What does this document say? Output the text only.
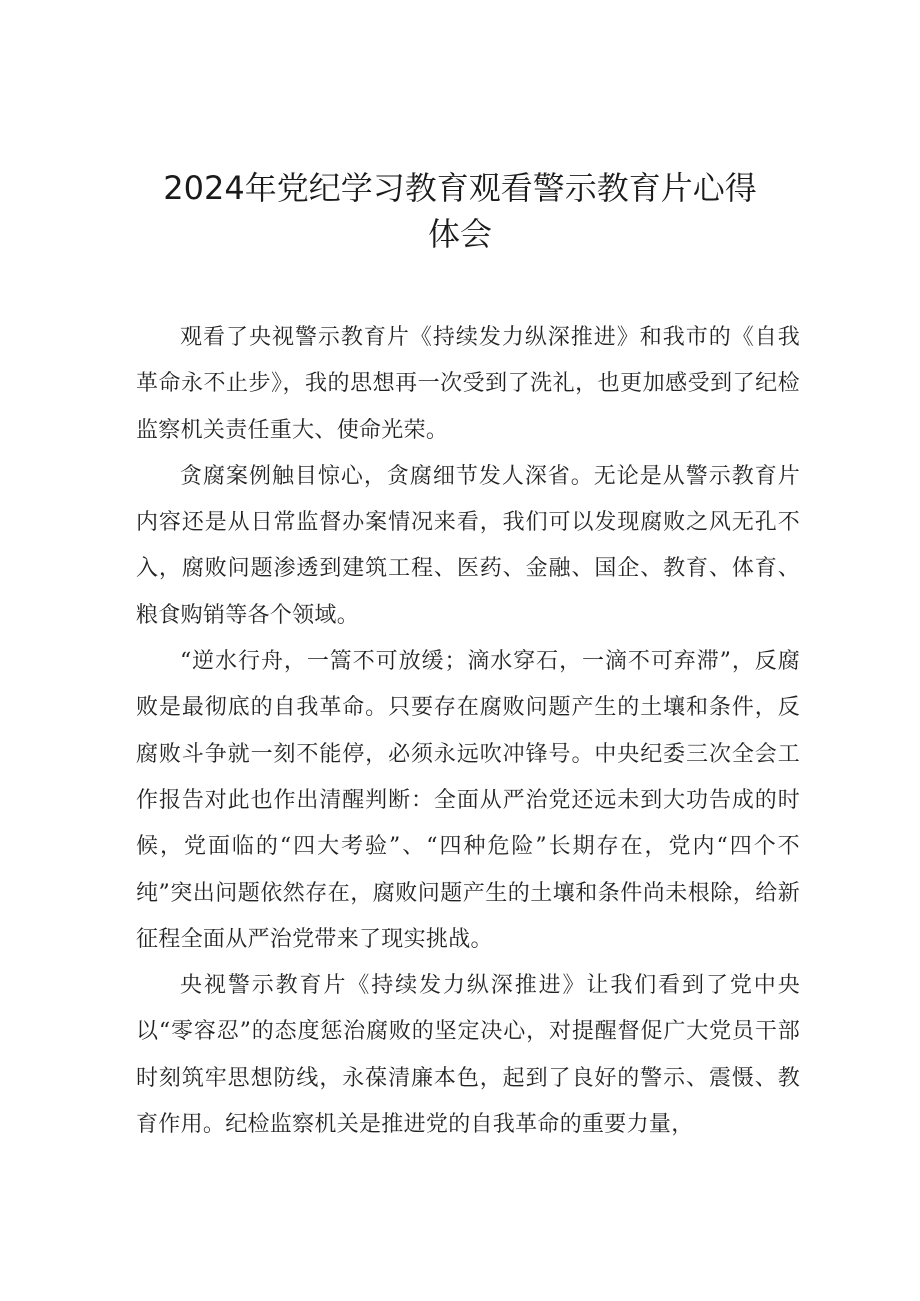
2024年党纪学习教育观看警示教育片心得
体会

观看了央视警示教育片《持续发力纵深推进》和我市的《自我革命永不止步》，我的思想再一次受到了洗礼，也更加感受到了纪检监察机关责任重大、使命光荣。

贪腐案例触目惊心，贪腐细节发人深省。无论是从警示教育片内容还是从日常监督办案情况来看，我们可以发现腐败之风无孔不入，腐败问题渗透到建筑工程、医药、金融、国企、教育、体育、粮食购销等各个领域。

“逆水行舟，一篙不可放缓；滴水穿石，一滴不可弃滞”，反腐败是最彻底的自我革命。只要存在腐败问题产生的土壤和条件，反腐败斗争就一刻不能停，必须永远吹冲锋号。中央纪委三次全会工作报告对此也作出清醒判断：全面从严治党还远未到大功告成的时候，党面临的“四大考验”、“四种危险”长期存在，党内“四个不纯”突出问题依然存在，腐败问题产生的土壤和条件尚未根除，给新征程全面从严治党带来了现实挑战。

央视警示教育片《持续发力纵深推进》让我们看到了党中央以“零容忍”的态度惩治腐败的坚定决心，对提醒督促广大党员干部时刻筑牢思想防线，永葆清廉本色，起到了良好的警示、震慑、教育作用。纪检监察机关是推进党的自我革命的重要力量，
